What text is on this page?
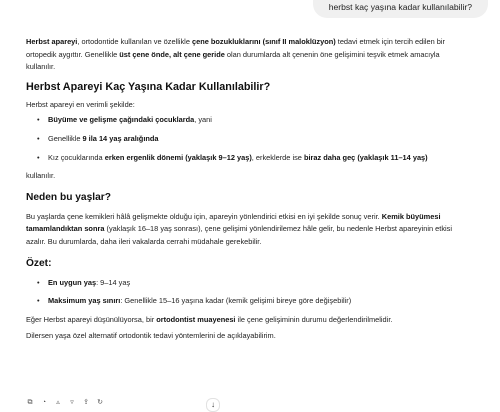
herbst kaç yaşına kadar kullanılabilir?

Herbst apareyi, ortodontide kullanılan ve özellikle çene bozukluklarını (sınıf II maloklüzyon) tedavi etmek için tercih edilen bir ortopedik aygıttır. Genellikle üst çene önde, alt çene geride olan durumlarda alt çenenin öne gelişimini teşvik etmek amacıyla kullanılır.

Herbst Apareyi Kaç Yaşına Kadar Kullanılabilir?

Herbst apareyi en verimli şekilde:

• Büyüme ve gelişme çağındaki çocuklarda, yani
• Genellikle 9 ila 14 yaş aralığında
• Kız çocuklarında erken ergenlik dönemi (yaklaşık 9–12 yaş), erkeklerde ise biraz daha geç (yaklaşık 11–14 yaş)

kullanılır.

Neden bu yaşlar?

Bu yaşlarda çene kemikleri hâlâ gelişmekte olduğu için, apareyin yönlendirici etkisi en iyi şekilde sonuç verir. Kemik büyümesi tamamlandıktan sonra (yaklaşık 16–18 yaş sonrası), çene gelişimi yönlendirilemez hâle gelir, bu nedenle Herbst apareyinin etkisi azalır. Bu durumlarda, daha ileri vakalarda cerrahi müdahale gerekebilir.

Özet:
• En uygun yaş: 9–14 yaş
• Maksimum yaş sınırı: Genellikle 15–16 yaşına kadar (kemik gelişimi bireye göre değişebilir)

Eğer Herbst apareyi düşünülüyorsa, bir ortodontist muayenesi ile çene gelişiminin durumu değerlendirilmelidir.

Dilersen yaşa özel alternatif ortodontik tedavi yöntemlerini de açıklayabilirim.

⧉ ◔	▵	▿	⇪ ↻	↓
